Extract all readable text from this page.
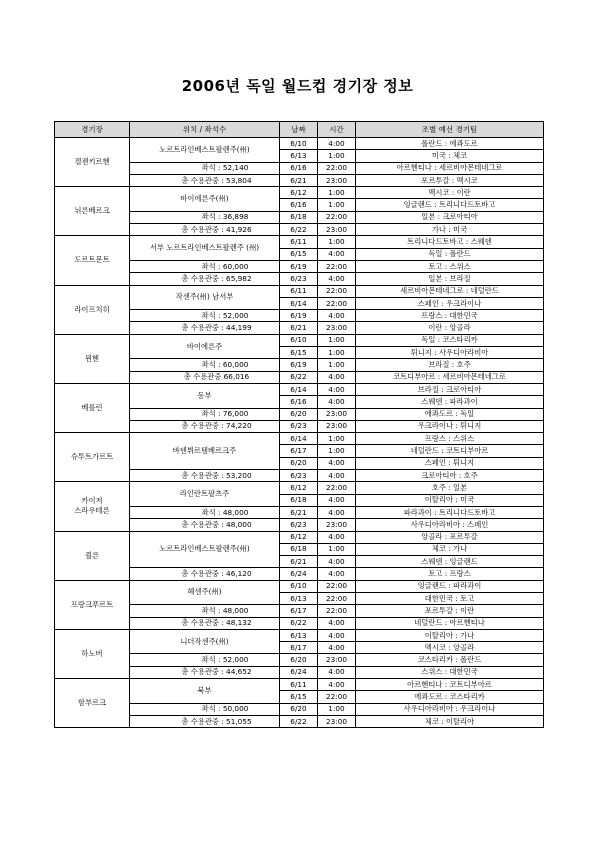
2006년 독일 월드컵 경기장 정보
경기장	위치 / 좌석수	날짜	시간	조별 예선 경기팀
겔젠키르헨	노르트라인베스트팔렌주(州)	6/10	4:00	폴란드 : 에콰도르
		6/13	1:00	미국 : 체코
	좌석 : 52,140	6/16	22:00	아르헨티나 : 세르비아몬테네그로
	총 수용관중 : 53,804	6/21	23:00	포르투갈 : 멕시코
뉘른베르크	바이에른주(州)	6/12	1:00	멕시코 : 이란
		6/16	1:00	잉글랜드 : 트리니다드토바고
	좌석 : 36,898	6/18	22:00	일본 : 크로아티아
	총 수용관중 : 41,926	6/22	23:00	가나 : 미국
도르트문트	서부 노르트라인베스트팔렌주 (州)	6/11	1:00	트리니다드토바고 : 스웨덴
		6/15	4:00	독일 : 폴란드
	좌석 : 60,000	6/19	22:00	토고 : 스위스
	총 수용관중 : 65,982	6/23	4:00	일본 : 브라질
라이프치히	작센주(州) 남서부	6/11	22:00	세르비아몬테네그로 : 네덜란드
		6/14	22:00	스페인 : 우크라이나
	좌석 : 52,000	6/19	4:00	프랑스 : 대한민국
	총 수용관중 : 44,199	6/21	23:00	이란 : 앙골라
뮌헨	바이에른주	6/10	1:00	독일 : 코스타리카
		6/15	1:00	튀니지 : 사우디아라비아
	좌석 : 60,000	6/19	1:00	브라질 : 호주
	총 수용관중 66,016	6/22	4:00	코트디부아르 : 세르비아몬테네그로
베를린	동부	6/14	4:00	브라질 : 크로아티아
		6/16	4:00	스웨덴 : 파라과이
	좌석 : 76,000	6/20	23:00	에콰도르 : 독일
	총 수용관중 : 74,220	6/23	23:00	우크라이나 : 튀니지
슈투트가르트	바덴뷔르템베르크주	6/14	1:00	프랑스 : 스위스
		6/17	1:00	네덜란드 : 코트디부아르
		6/20	4:00	스페인 : 튀니지
	총 수용관중 : 53,200	6/23	4:00	크로아티아 : 호주
카이저
스라우테른	라인란트팔츠주	6/12	22:00	호주 : 일본
		6/18	4:00	이탈리아 : 미국
	좌석 : 48,000	6/21	4:00	파라과이 : 트리니다드토바고
	총 수용관중 : 48,000	6/23	23:00	사우디아라비아 : 스페인
쾰른	노르트라인베스트팔렌주(州)	6/12	4:00	앙골라 : 포르투갈
		6/18	1:00	체코 : 가나
		6/21	4:00	스웨덴 : 잉글랜드
	총 수용관중 : 46,120	6/24	4:00	토고 : 프랑스
프랑크푸르트	헤센주(州)	6/10	22:00	잉글랜드 : 파라과이
		6/13	22:00	대한민국 : 토고
	좌석 : 48,000	6/17	22:00	포르투갈 : 이란
	총 수용관중 : 48,132	6/22	4:00	네덜란드 : 아르헨티나
하노버	니더작센주(州)	6/13	4:00	이탈리아 : 가나
		6/17	4:00	멕시코 : 앙골라
	좌석 : 52,000	6/20	23:00	코스타리카 : 폴란드
	총 수용관중 : 44,652	6/24	4:00	스위스 : 대한민국
함부르크	북부	6/11	4:00	아르헨티나 : 코트디부아르
		6/15	22:00	에콰도르 : 코스타리카
	좌석 : 50,000	6/20	1:00	사우디아라비아 : 우크라이나
	총 수용관중 : 51,055	6/22	23:00	체코 : 이탈리아
